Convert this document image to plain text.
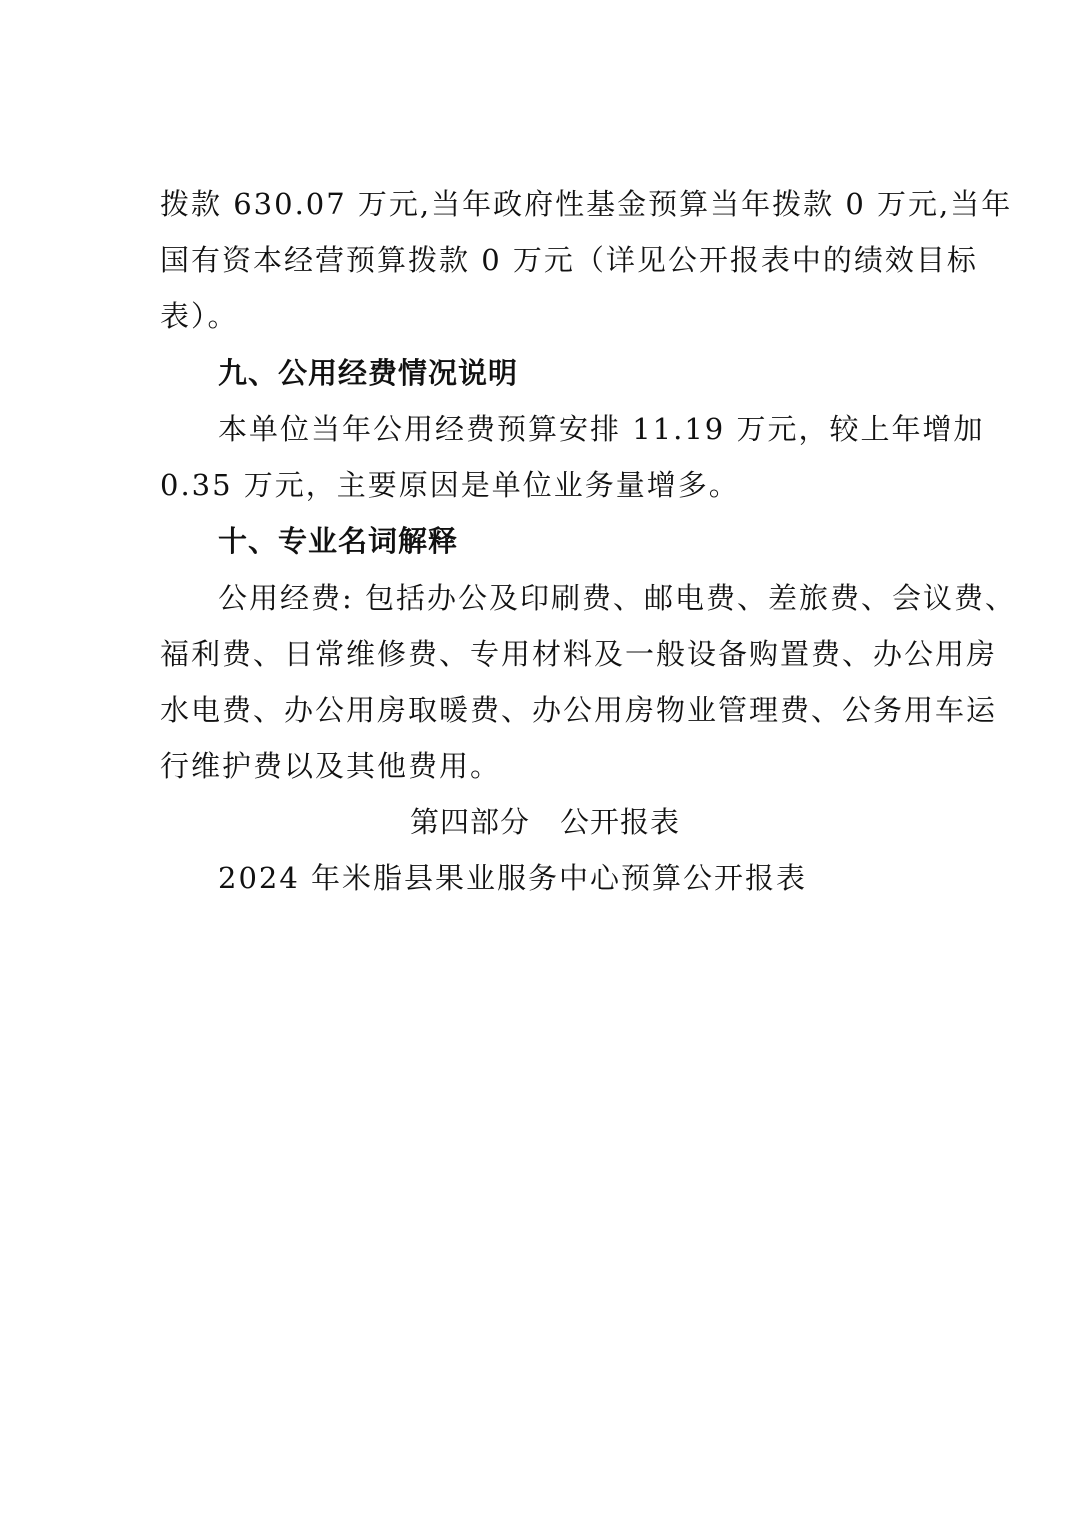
拨款 630.07 万元,当年政府性基金预算当年拨款 0 万元,当年
国有资本经营预算拨款 0 万元（详见公开报表中的绩效目标
表）。
九、公用经费情况说明
本单位当年公用经费预算安排 11.19 万元，较上年增加
0.35 万元，主要原因是单位业务量增多。
十、专业名词解释
公用经费: 包括办公及印刷费、邮电费、差旅费、会议费、
福利费、日常维修费、专用材料及一般设备购置费、办公用房
水电费、办公用房取暖费、办公用房物业管理费、公务用车运
行维护费以及其他费用。
第四部分　公开报表
2024 年米脂县果业服务中心预算公开报表
